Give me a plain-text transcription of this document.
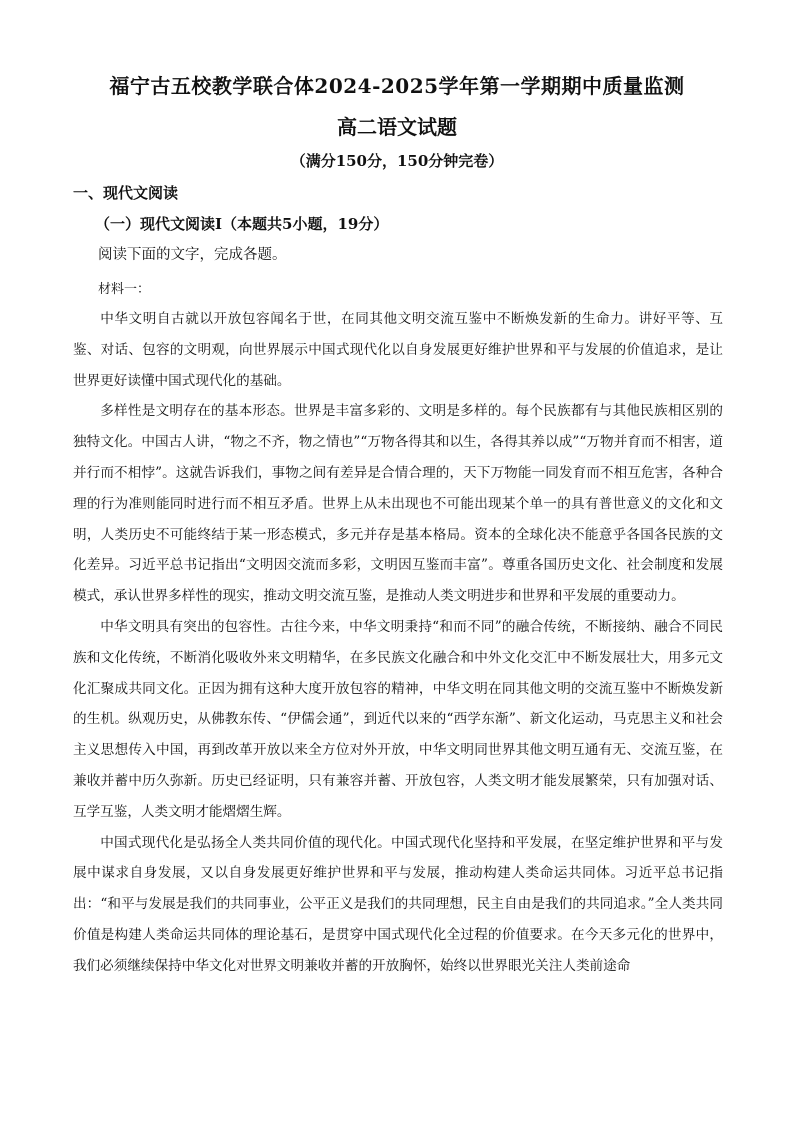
福宁古五校教学联合体2024-2025学年第一学期期中质量监测
高二语文试题
（满分150分，150分钟完卷）
一、现代文阅读
（一）现代文阅读Ⅰ（本题共5小题，19分）
阅读下面的文字，完成各题。
材料一：

中华文明自古就以开放包容闻名于世，在同其他文明交流互鉴中不断焕发新的生命力。讲好平等、互鉴、对话、包容的文明观，向世界展示中国式现代化以自身发展更好维护世界和平与发展的价值追求，是让世界更好读懂中国式现代化的基础。

多样性是文明存在的基本形态。世界是丰富多彩的、文明是多样的。每个民族都有与其他民族相区别的独特文化。中国古人讲，“物之不齐，物之情也”“万物各得其和以生，各得其养以成”“万物并育而不相害，道并行而不相悖”。这就告诉我们，事物之间有差异是合情合理的，天下万物能一同发育而不相互危害，各种合理的行为准则能同时进行而不相互矛盾。世界上从未出现也不可能出现某个单一的具有普世意义的文化和文明，人类历史不可能终结于某一形态模式，多元并存是基本格局。资本的全球化决不能意乎各国各民族的文化差异。习近平总书记指出“文明因交流而多彩，文明因互鉴而丰富”。尊重各国历史文化、社会制度和发展模式，承认世界多样性的现实，推动文明交流互鉴，是推动人类文明进步和世界和平发展的重要动力。

中华文明具有突出的包容性。古往今来，中华文明秉持“和而不同”的融合传统，不断接纳、融合不同民族和文化传统，不断消化吸收外来文明精华，在多民族文化融合和中外文化交汇中不断发展壮大，用多元文化汇聚成共同文化。正因为拥有这种大度开放包容的精神，中华文明在同其他文明的交流互鉴中不断焕发新的生机。纵观历史，从佛教东传、“伊儒会通”，到近代以来的“西学东渐”、新文化运动，马克思主义和社会主义思想传入中国，再到改革开放以来全方位对外开放，中华文明同世界其他文明互通有无、交流互鉴，在兼收并蓄中历久弥新。历史已经证明，只有兼容并蓄、开放包容，人类文明才能发展繁荣，只有加强对话、互学互鉴，人类文明才能熠熠生辉。

中国式现代化是弘扬全人类共同价值的现代化。中国式现代化坚持和平发展，在坚定维护世界和平与发展中谋求自身发展，又以自身发展更好维护世界和平与发展，推动构建人类命运共同体。习近平总书记指出：“和平与发展是我们的共同事业，公平正义是我们的共同理想，民主自由是我们的共同追求。”全人类共同价值是构建人类命运共同体的理论基石，是贯穿中国式现代化全过程的价值要求。在今天多元化的世界中，我们必须继续保持中华文化对世界文明兼收并蓄的开放胸怀，始终以世界眼光关注人类前途命
